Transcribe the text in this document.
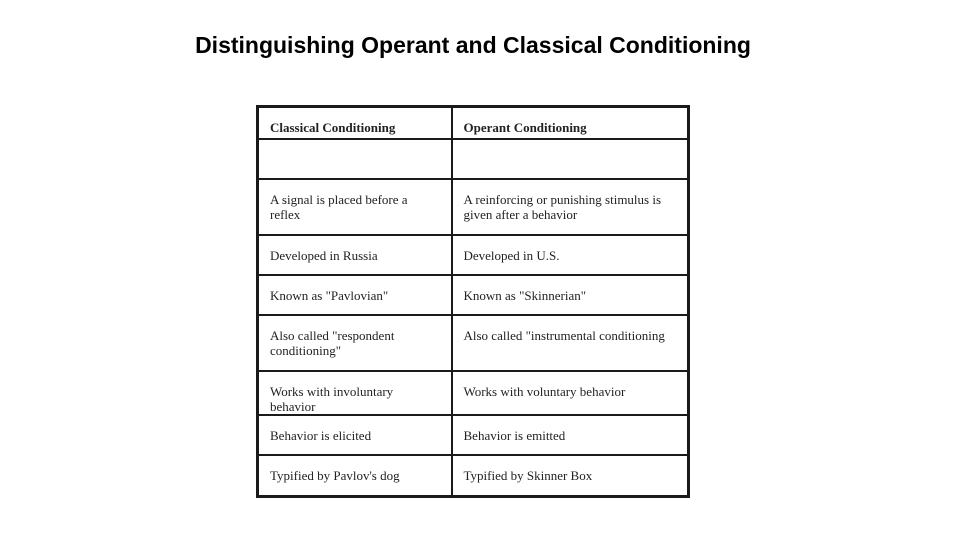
Distinguishing Operant and Classical Conditioning
Classical Conditioning	Operant Conditioning

A signal is placed before a reflex	A reinforcing or punishing stimulus is given after a behavior
Developed in Russia	Developed in U.S.
Known as "Pavlovian"	Known as "Skinnerian"
Also called "respondent conditioning"	Also called "instrumental conditioning
Works with involuntary behavior	Works with voluntary behavior
Behavior is elicited	Behavior is emitted
Typified by Pavlov's dog	Typified by Skinner Box
